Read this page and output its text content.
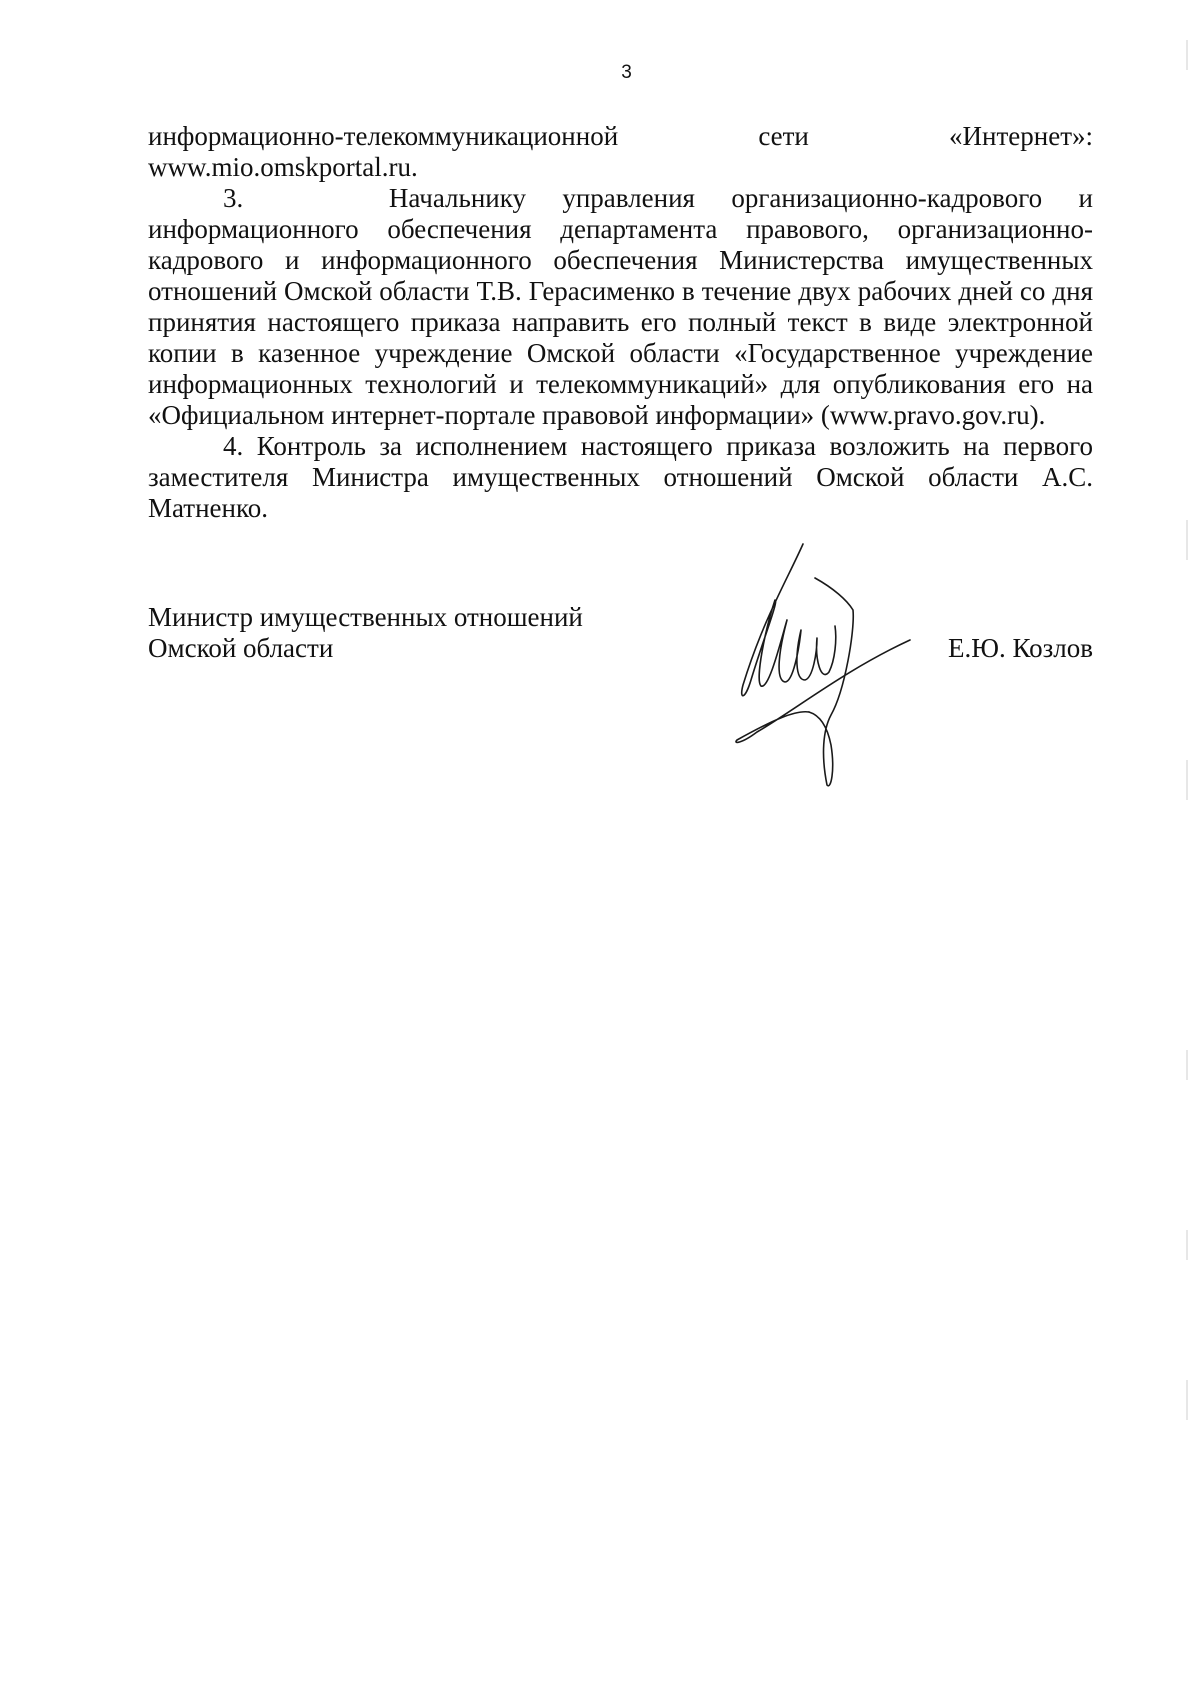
3

информационно-телекоммуникационной	сети	«Интернет»:
www.mio.omskportal.ru.

3.    Начальнику управления организационно-кадрового и информационного обеспечения департамента правового, организационно-кадрового и информационного обеспечения Министерства имущественных отношений Омской области Т.В. Герасименко в течение двух рабочих дней со дня принятия настоящего приказа направить его полный текст в виде электронной копии в казенное учреждение Омской области «Государственное учреждение информационных технологий и телекоммуникаций» для опубликования его на «Официальном интернет-портале правовой информации» (www.pravo.gov.ru).

4. Контроль за исполнением настоящего приказа возложить на первого заместителя Министра имущественных отношений Омской области А.С. Матненко.

Министр имущественных отношений
Омской области	Е.Ю. Козлов
